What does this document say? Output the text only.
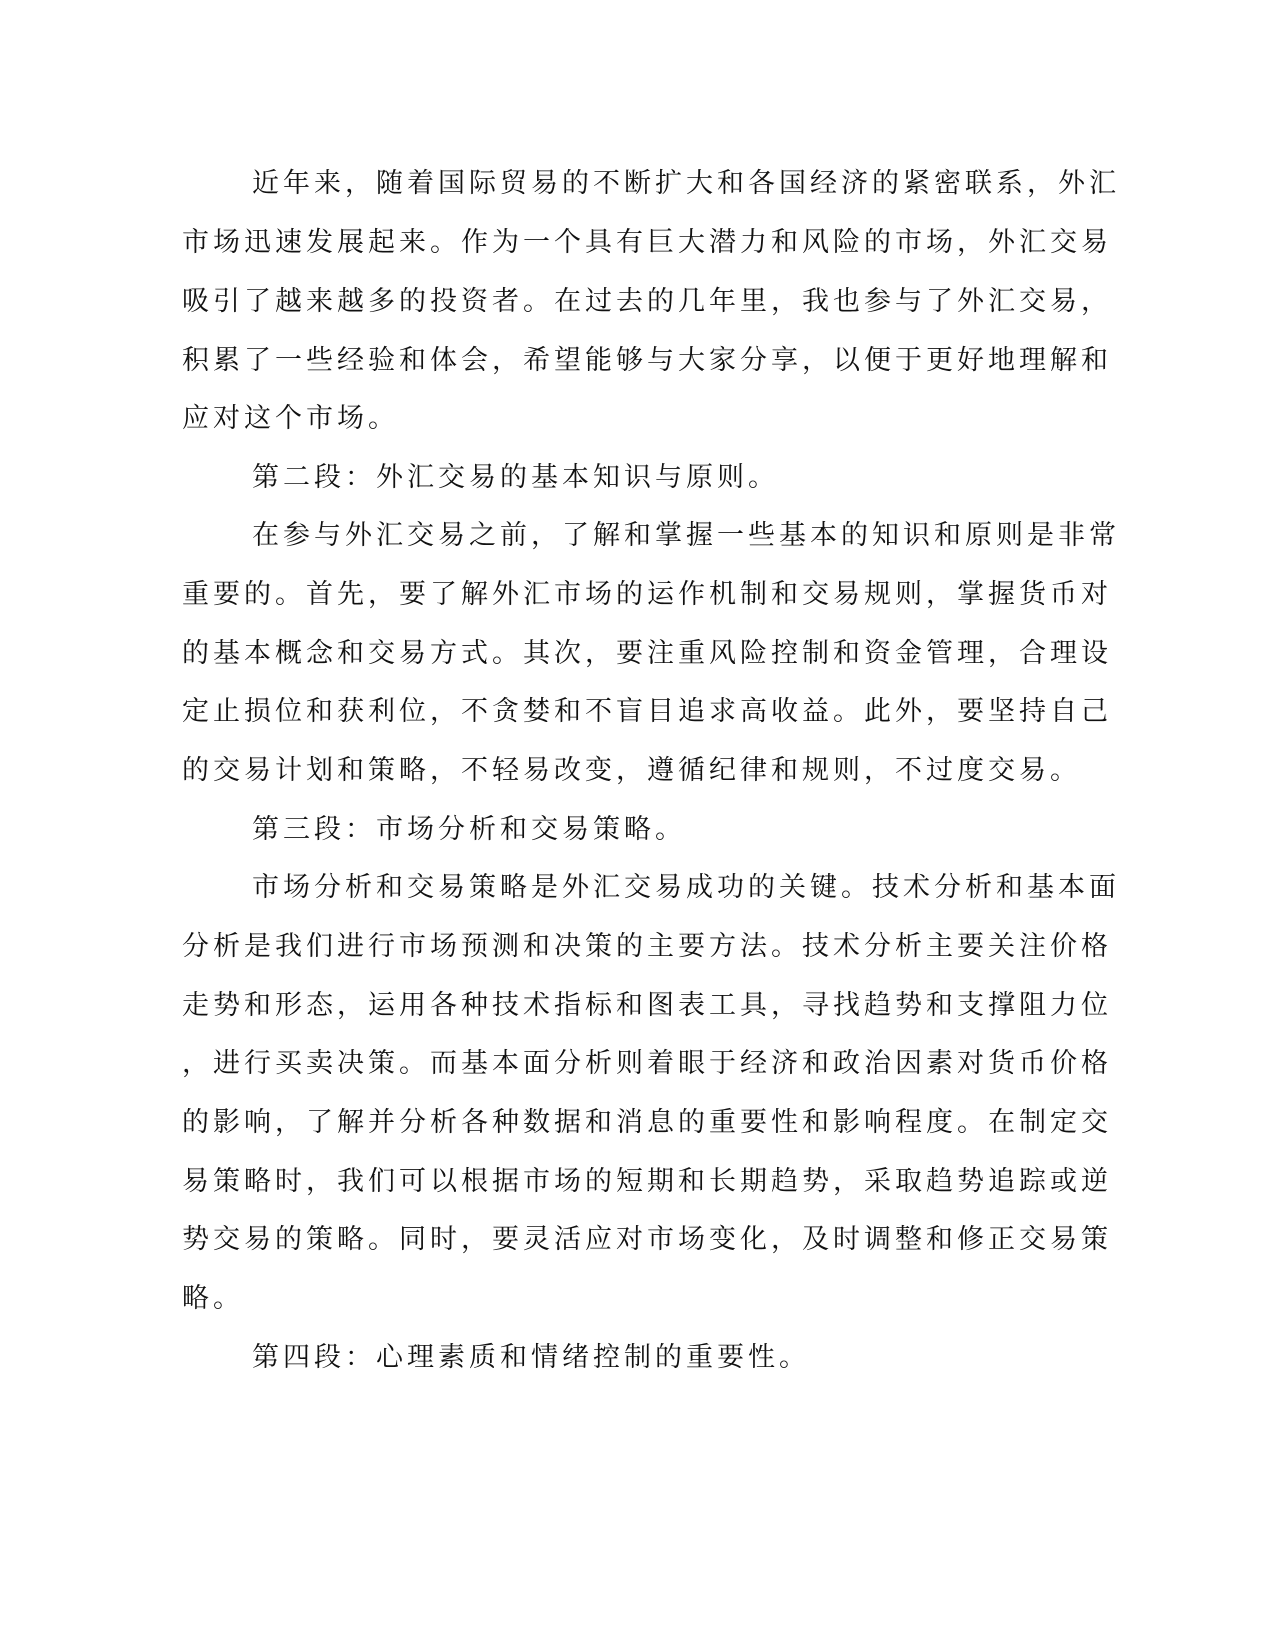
近年来，随着国际贸易的不断扩大和各国经济的紧密联系，外汇
市场迅速发展起来。作为一个具有巨大潜力和风险的市场，外汇交易
吸引了越来越多的投资者。在过去的几年里，我也参与了外汇交易，
积累了一些经验和体会，希望能够与大家分享，以便于更好地理解和
应对这个市场。
第二段：外汇交易的基本知识与原则。
在参与外汇交易之前，了解和掌握一些基本的知识和原则是非常
重要的。首先，要了解外汇市场的运作机制和交易规则，掌握货币对
的基本概念和交易方式。其次，要注重风险控制和资金管理，合理设
定止损位和获利位，不贪婪和不盲目追求高收益。此外，要坚持自己
的交易计划和策略，不轻易改变，遵循纪律和规则，不过度交易。
第三段：市场分析和交易策略。
市场分析和交易策略是外汇交易成功的关键。技术分析和基本面
分析是我们进行市场预测和决策的主要方法。技术分析主要关注价格
走势和形态，运用各种技术指标和图表工具，寻找趋势和支撑阻力位
，进行买卖决策。而基本面分析则着眼于经济和政治因素对货币价格
的影响，了解并分析各种数据和消息的重要性和影响程度。在制定交
易策略时，我们可以根据市场的短期和长期趋势，采取趋势追踪或逆
势交易的策略。同时，要灵活应对市场变化，及时调整和修正交易策
略。
第四段：心理素质和情绪控制的重要性。
